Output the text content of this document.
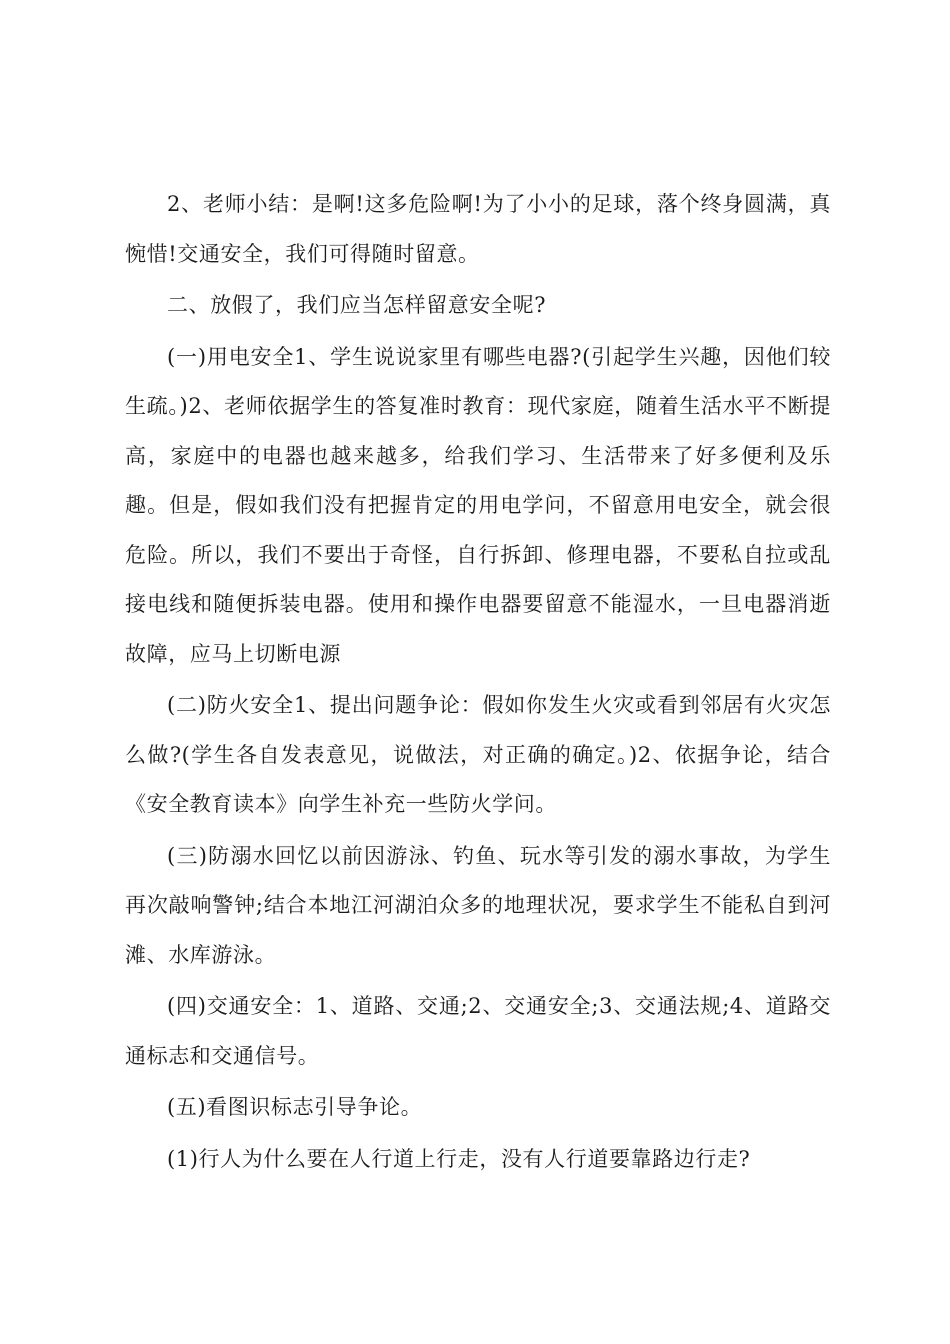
2、老师小结：是啊!这多危险啊!为了小小的足球，落个终身圆满，真惋惜!交通安全，我们可得随时留意。

二、放假了，我们应当怎样留意安全呢?

(一)用电安全1、学生说说家里有哪些电器?(引起学生兴趣，因他们较生疏。)2、老师依据学生的答复准时教育：现代家庭，随着生活水平不断提高，家庭中的电器也越来越多，给我们学习、生活带来了好多便利及乐趣。但是，假如我们没有把握肯定的用电学问，不留意用电安全，就会很危险。所以，我们不要出于奇怪，自行拆卸、修理电器，不要私自拉或乱接电线和随便拆装电器。使用和操作电器要留意不能湿水，一旦电器消逝故障，应马上切断电源

(二)防火安全1、提出问题争论：假如你发生火灾或看到邻居有火灾怎么做?(学生各自发表意见，说做法，对正确的确定。)2、依据争论，结合《安全教育读本》向学生补充一些防火学问。

(三)防溺水回忆以前因游泳、钓鱼、玩水等引发的溺水事故，为学生再次敲响警钟;结合本地江河湖泊众多的地理状况，要求学生不能私自到河滩、水库游泳。

(四)交通安全：1、道路、交通;2、交通安全;3、交通法规;4、道路交通标志和交通信号。

(五)看图识标志引导争论。

(1)行人为什么要在人行道上行走，没有人行道要靠路边行走?
